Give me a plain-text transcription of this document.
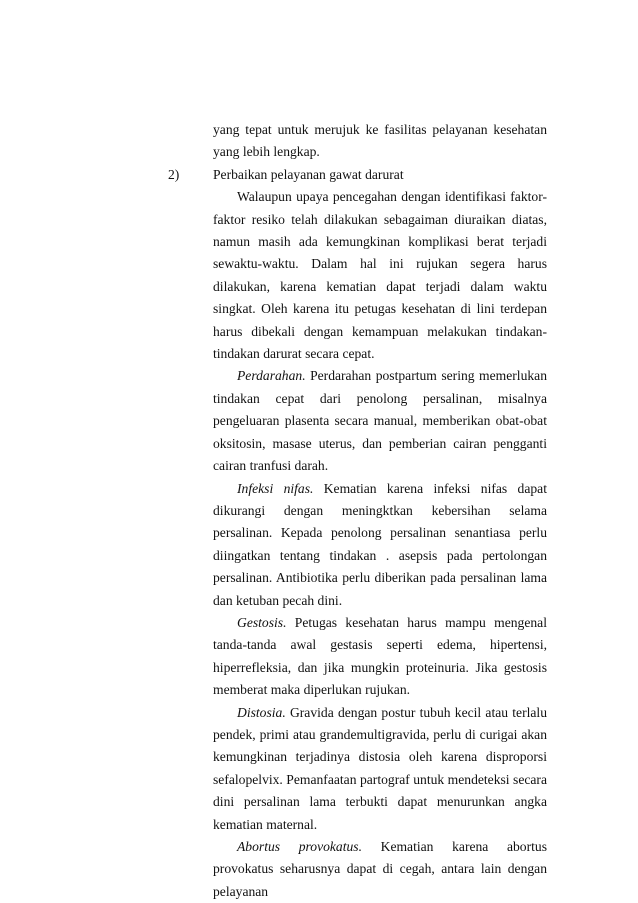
yang tepat untuk merujuk ke fasilitas pelayanan kesehatan yang lebih lengkap.

2) Perbaikan pelayanan gawat darurat

Walaupun upaya pencegahan dengan identifikasi faktor-faktor resiko telah dilakukan sebagaiman diuraikan diatas, namun masih ada kemungkinan komplikasi berat terjadi sewaktu-waktu. Dalam hal ini rujukan segera harus dilakukan, karena kematian dapat terjadi dalam waktu singkat. Oleh karena itu petugas kesehatan di lini terdepan harus dibekali dengan kemampuan melakukan tindakan-tindakan darurat secara cepat.

Perdarahan. Perdarahan postpartum sering memerlukan tindakan cepat dari penolong persalinan, misalnya pengeluaran plasenta secara manual, memberikan obat-obat oksitosin, masase uterus, dan pemberian cairan pengganti cairan tranfusi darah.

Infeksi nifas. Kematian karena infeksi nifas dapat dikurangi dengan meningktkan kebersihan selama persalinan. Kepada penolong persalinan senantiasa perlu diingatkan tentang tindakan . asepsis pada pertolongan persalinan. Antibiotika perlu diberikan pada persalinan lama dan ketuban pecah dini.

Gestosis. Petugas kesehatan harus mampu mengenal tanda-tanda awal gestasis seperti edema, hipertensi, hiperrefleksia, dan jika mungkin proteinuria. Jika gestosis memberat maka diperlukan rujukan.

Distosia. Gravida dengan postur tubuh kecil atau terlalu pendek, primi atau grandemultigravida, perlu di curigai akan kemungkinan terjadinya distosia oleh karena disproporsi sefalopelvix. Pemanfaatan partograf untuk mendeteksi secara dini persalinan lama terbukti dapat menurunkan angka kematian maternal.

Abortus provokatus. Kematian karena abortus provokatus seharusnya dapat di cegah, antara lain dengan pelayanan
